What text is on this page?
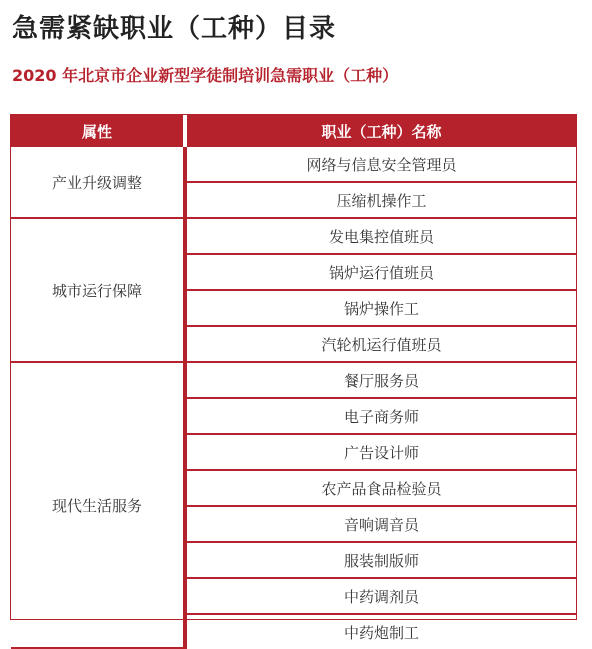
急需紧缺职业（工种）目录
2020 年北京市企业新型学徒制培训急需职业（工种）
属性	职业（工种）名称
产业升级调整	网络与信息安全管理员
	压缩机操作工
城市运行保障	发电集控值班员
	锅炉运行值班员
	锅炉操作工
	汽轮机运行值班员
现代生活服务	餐厅服务员
	电子商务师
	广告设计师
	农产品食品检验员
	音响调音员
	服装制版师
	中药调剂员
	中药炮制工
